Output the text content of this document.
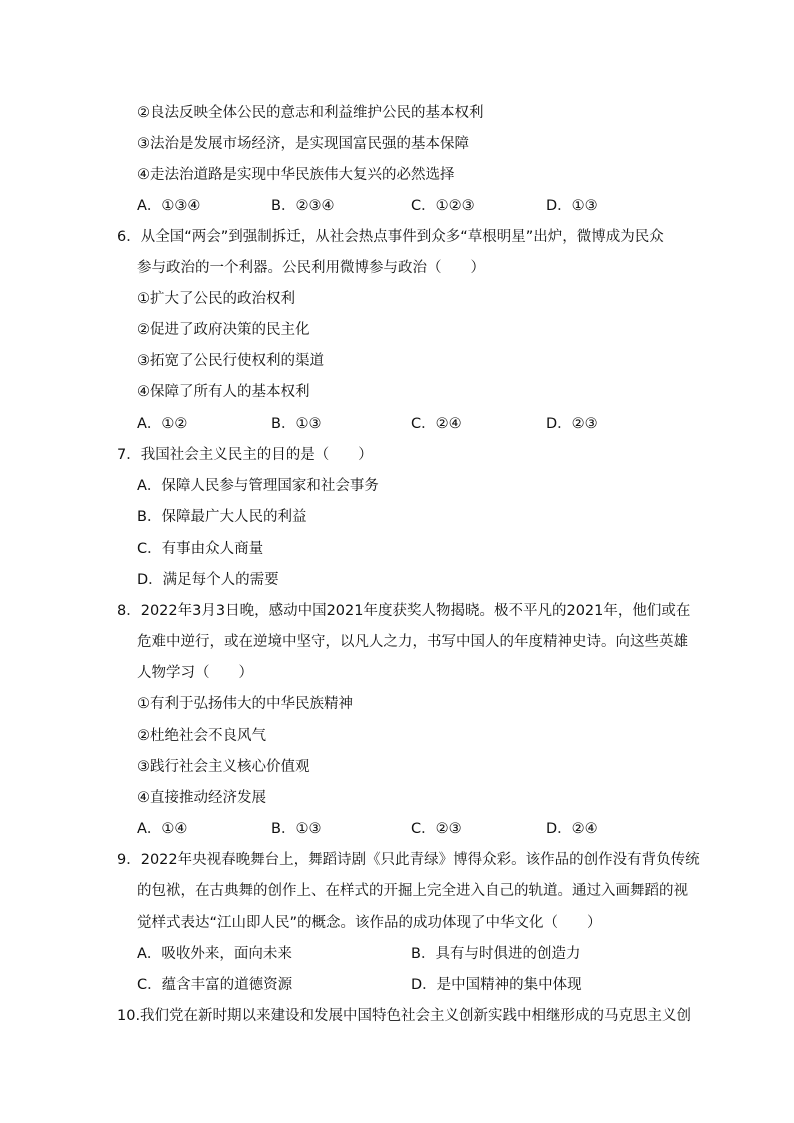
②良法反映全体公民的意志和利益维护公民的基本权利
③法治是发展市场经济，是实现国富民强的基本保障
④走法治道路是实现中华民族伟大复兴的必然选择
A．①③④	B．②③④	C．①②③	D．①③
6．从全国“两会”到强制拆迁，从社会热点事件到众多“草根明星”出炉，微博成为民众
参与政治的一个利器。公民利用微博参与政治（　　）
①扩大了公民的政治权利
②促进了政府决策的民主化
③拓宽了公民行使权利的渠道
④保障了所有人的基本权利
A．①②	B．①③	C．②④	D．②③
7．我国社会主义民主的目的是（　　）
A．保障人民参与管理国家和社会事务
B．保障最广大人民的利益
C．有事由众人商量
D．满足每个人的需要
8．2022年3月3日晚，感动中国2021年度获奖人物揭晓。极不平凡的2021年，他们或在
危难中逆行，或在逆境中坚守，以凡人之力，书写中国人的年度精神史诗。向这些英雄
人物学习（　　）
①有利于弘扬伟大的中华民族精神
②杜绝社会不良风气
③践行社会主义核心价值观
④直接推动经济发展
A．①④	B．①③	C．②③	D．②④
9．2022年央视春晚舞台上，舞蹈诗剧《只此青绿》博得众彩。该作品的创作没有背负传统
的包袱，在古典舞的创作上、在样式的开掘上完全进入自己的轨道。通过入画舞蹈的视
觉样式表达“江山即人民”的概念。该作品的成功体现了中华文化（　　）
A．吸收外来，面向未来	B．具有与时俱进的创造力
C．蕴含丰富的道德资源	D．是中国精神的集中体现
10.我们党在新时期以来建设和发展中国特色社会主义创新实践中相继形成的马克思主义创
